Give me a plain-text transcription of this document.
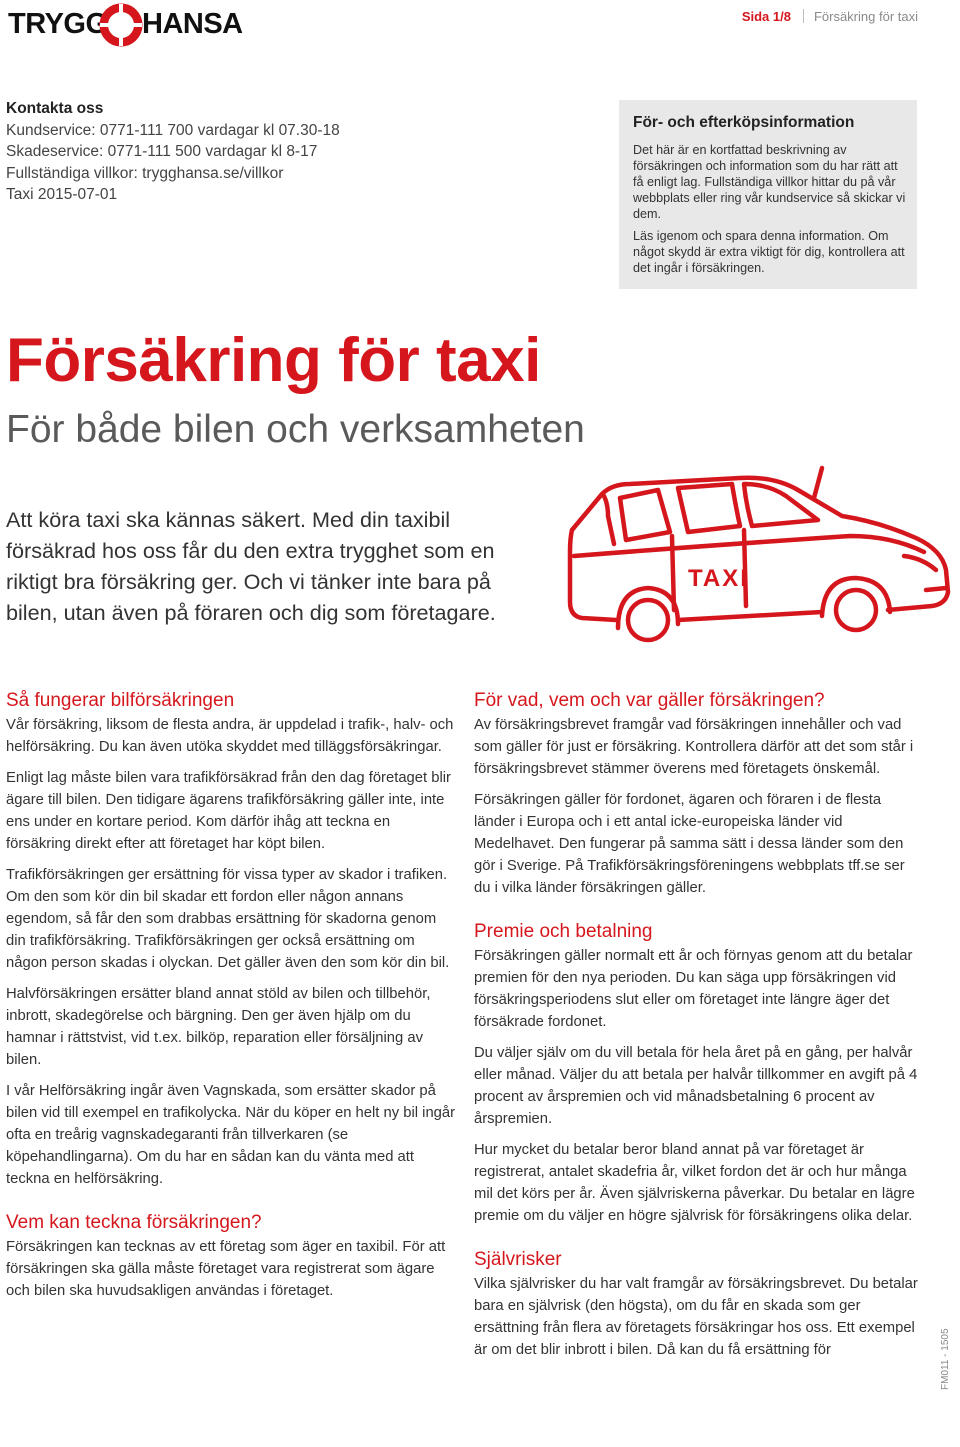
TRYGG HANSA	Sida 1/8 Försäkring för taxi
Kontakta oss
Kundservice: 0771-111 700 vardagar kl 07.30-18
Skadeservice: 0771-111 500 vardagar kl 8-17
Fullständiga villkor: trygghansa.se/villkor
Taxi 2015-07-01
För- och efterköpsinformation

Det här är en kortfattad beskrivning av försäkringen och information som du har rätt att få enligt lag. Fullständiga villkor hittar du på vår webbplats eller ring vår kundservice så skickar vi dem.

Läs igenom och spara denna information. Om något skydd är extra viktigt för dig, kontrollera att det ingår i försäkringen.

Försäkring för taxi
För både bilen och verksamheten
Att köra taxi ska kännas säkert. Med din taxibil försäkrad hos oss får du den extra trygghet som en riktigt bra försäkring ger. Och vi tänker inte bara på bilen, utan även på föraren och dig som företagare.
TAXI
Så fungerar bilförsäkringen

Vår försäkring, liksom de flesta andra, är uppdelad i trafik-, halv- och helförsäkring. Du kan även utöka skyddet med tilläggsförsäkringar.

Enligt lag måste bilen vara trafikförsäkrad från den dag företaget blir ägare till bilen. Den tidigare ägarens trafikförsäkring gäller inte, inte ens under en kortare period. Kom därför ihåg att teckna en försäkring direkt efter att företaget har köpt bilen.

Trafikförsäkringen ger ersättning för vissa typer av skador i trafiken. Om den som kör din bil skadar ett fordon eller någon annans egendom, så får den som drabbas ersättning för skadorna genom din trafikförsäkring. Trafikförsäkringen ger också ersättning om någon person skadas i olyckan. Det gäller även den som kör din bil.

Halvförsäkringen ersätter bland annat stöld av bilen och tillbehör, inbrott, skadegörelse och bärgning. Den ger även hjälp om du hamnar i rättstvist, vid t.ex. bilköp, reparation eller försäljning av bilen.

I vår Helförsäkring ingår även Vagnskada, som ersätter skador på bilen vid till exempel en trafikolycka. När du köper en helt ny bil ingår ofta en treårig vagnskadegaranti från tillverkaren (se köpehandlingarna). Om du har en sådan kan du vänta med att teckna en helförsäkring.

Vem kan teckna försäkringen?

Försäkringen kan tecknas av ett företag som äger en taxibil. För att försäkringen ska gälla måste företaget vara registrerat som ägare och bilen ska huvudsakligen användas i företaget.

För vad, vem och var gäller försäkringen?

Av försäkringsbrevet framgår vad försäkringen innehåller och vad som gäller för just er försäkring. Kontrollera därför att det som står i försäkringsbrevet stämmer överens med företagets önskemål.

Försäkringen gäller för fordonet, ägaren och föraren i de flesta länder i Europa och i ett antal icke-europeiska länder vid Medelhavet. Den fungerar på samma sätt i dessa länder som den gör i Sverige. På Trafikförsäkringsföreningens webbplats tff.se ser du i vilka länder försäkringen gäller.

Premie och betalning

Försäkringen gäller normalt ett år och förnyas genom att du betalar premien för den nya perioden. Du kan säga upp försäkringen vid försäkringsperiodens slut eller om företaget inte längre äger det försäkrade fordonet.

Du väljer själv om du vill betala för hela året på en gång, per halvår eller månad. Väljer du att betala per halvår tillkommer en avgift på 4 procent av årspremien och vid månadsbetalning 6 procent av årspremien.

Hur mycket du betalar beror bland annat på var företaget är registrerat, antalet skadefria år, vilket fordon det är och hur många mil det körs per år. Även självriskerna påverkar. Du betalar en lägre premie om du väljer en högre självrisk för försäkringens olika delar.

Självrisker

Vilka självrisker du har valt framgår av försäkringsbrevet. Du betalar bara en självrisk (den högsta), om du får en skada som ger ersättning från flera av företagets försäkringar hos oss. Ett exempel är om det blir inbrott i bilen. Då kan du få ersättning för	FM011 - 1505
